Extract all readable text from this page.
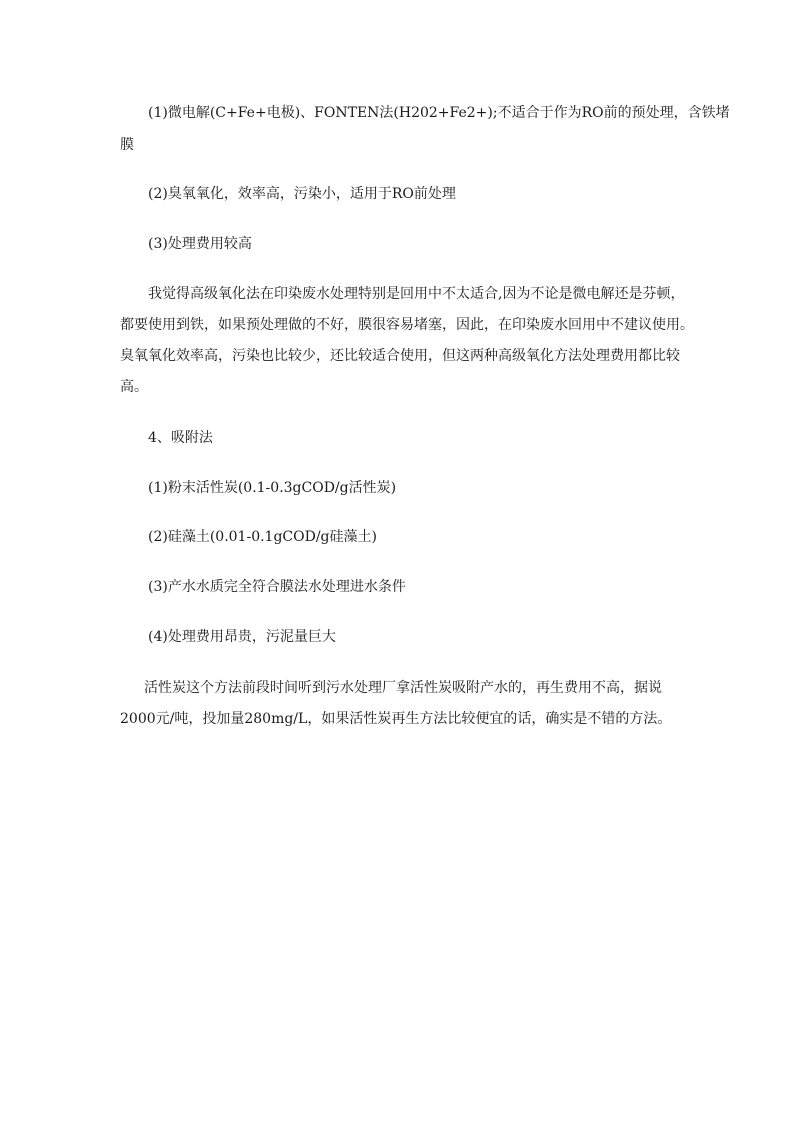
(1)微电解(C+Fe+电极)、FONTEN法(H202+Fe2+);不适合于作为RO前的预处理，含铁堵
膜
(2)臭氧氧化，效率高，污染小，适用于RO前处理
(3)处理费用较高
我觉得高级氧化法在印染废水处理特别是回用中不太适合,因为不论是微电解还是芬顿，
都要使用到铁，如果预处理做的不好，膜很容易堵塞，因此，在印染废水回用中不建议使用。
臭氧氧化效率高，污染也比较少，还比较适合使用，但这两种高级氧化方法处理费用都比较
高。
4、吸附法
(1)粉末活性炭(0.1-0.3gCOD/g活性炭)
(2)硅藻土(0.01-0.1gCOD/g硅藻土)
(3)产水水质完全符合膜法水处理进水条件
(4)处理费用昂贵，污泥量巨大
活性炭这个方法前段时间听到污水处理厂拿活性炭吸附产水的，再生费用不高，据说
2000元/吨，投加量280mg/L，如果活性炭再生方法比较便宜的话，确实是不错的方法。
